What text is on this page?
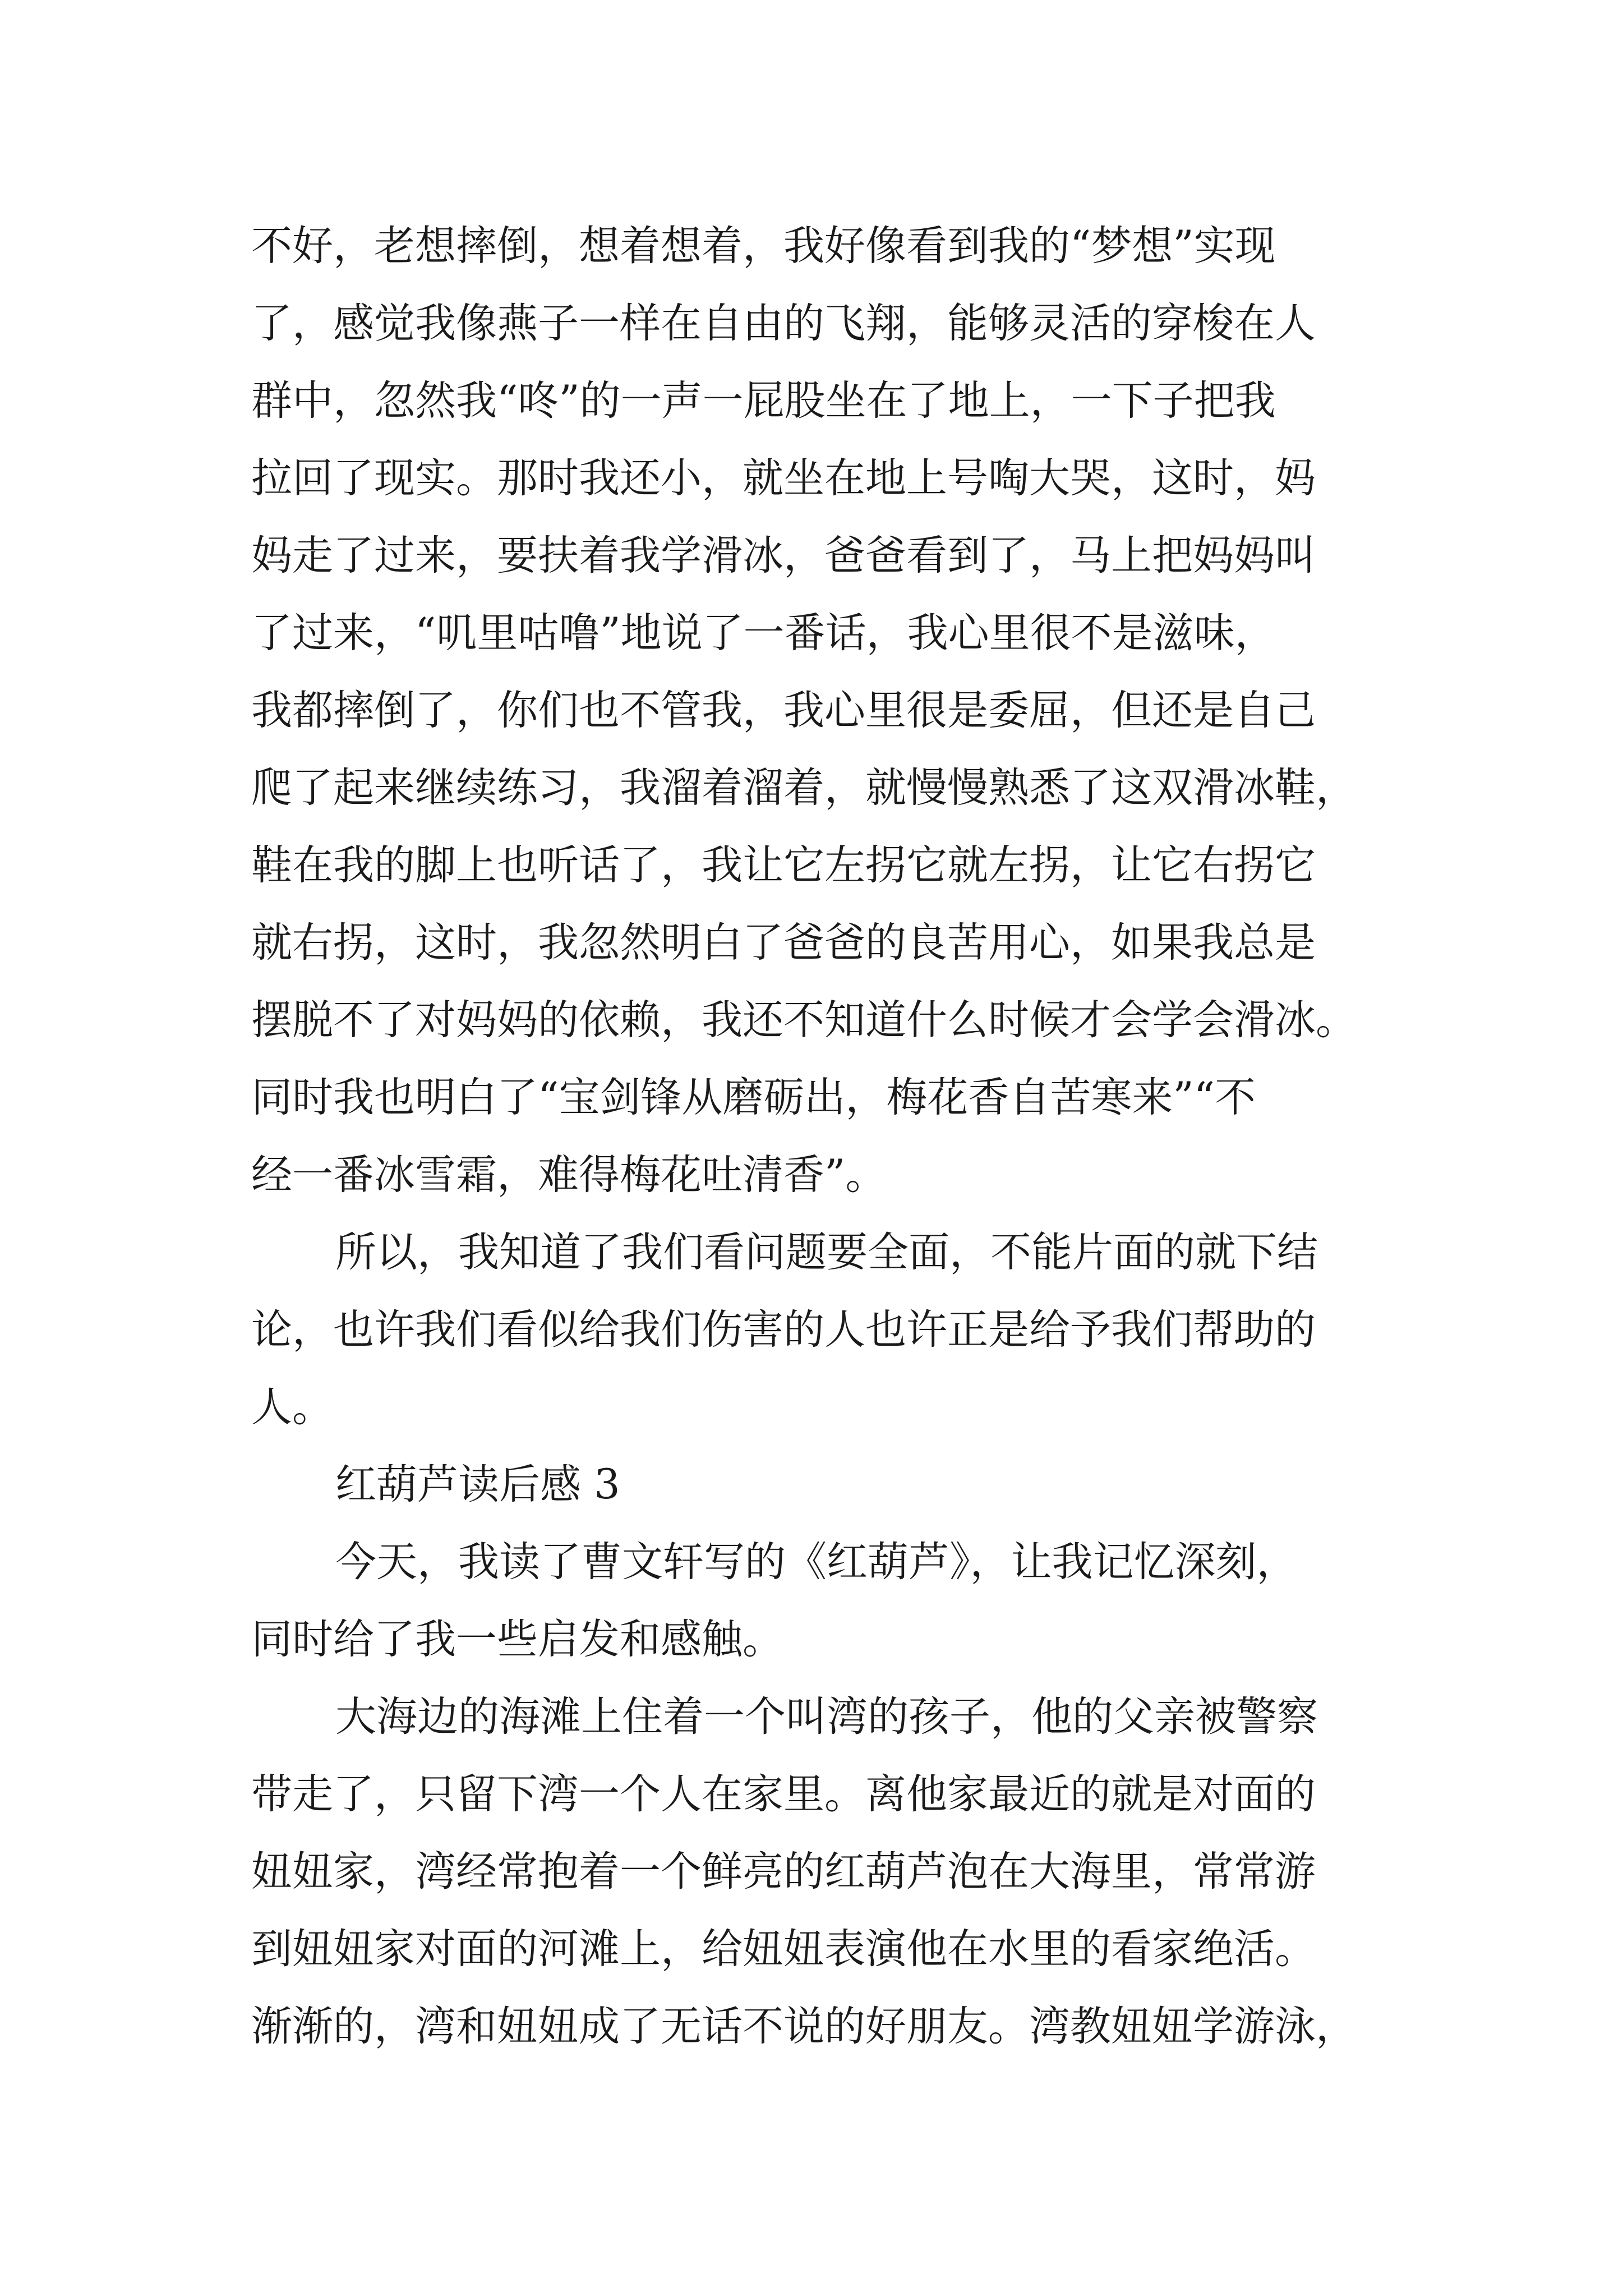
不好，老想摔倒，想着想着，我好像看到我的“梦想”实现
了，感觉我像燕子一样在自由的飞翔，能够灵活的穿梭在人
群中，忽然我“咚”的一声一屁股坐在了地上，一下子把我
拉回了现实。那时我还小，就坐在地上号啕大哭，这时，妈
妈走了过来，要扶着我学滑冰，爸爸看到了，马上把妈妈叫
了过来，“叽里咕噜”地说了一番话，我心里很不是滋味，
我都摔倒了，你们也不管我，我心里很是委屈，但还是自己
爬了起来继续练习，我溜着溜着，就慢慢熟悉了这双滑冰鞋，
鞋在我的脚上也听话了，我让它左拐它就左拐，让它右拐它
就右拐，这时，我忽然明白了爸爸的良苦用心，如果我总是
摆脱不了对妈妈的依赖，我还不知道什么时候才会学会滑冰。
同时我也明白了“宝剑锋从磨砺出，梅花香自苦寒来”“不
经一番冰雪霜，难得梅花吐清香”。
所以，我知道了我们看问题要全面，不能片面的就下结
论，也许我们看似给我们伤害的人也许正是给予我们帮助的
人。
红葫芦读后感 3
今天，我读了曹文轩写的《红葫芦》，让我记忆深刻，
同时给了我一些启发和感触。
大海边的海滩上住着一个叫湾的孩子，他的父亲被警察
带走了，只留下湾一个人在家里。离他家最近的就是对面的
妞妞家，湾经常抱着一个鲜亮的红葫芦泡在大海里，常常游
到妞妞家对面的河滩上，给妞妞表演他在水里的看家绝活。
渐渐的，湾和妞妞成了无话不说的好朋友。湾教妞妞学游泳，
